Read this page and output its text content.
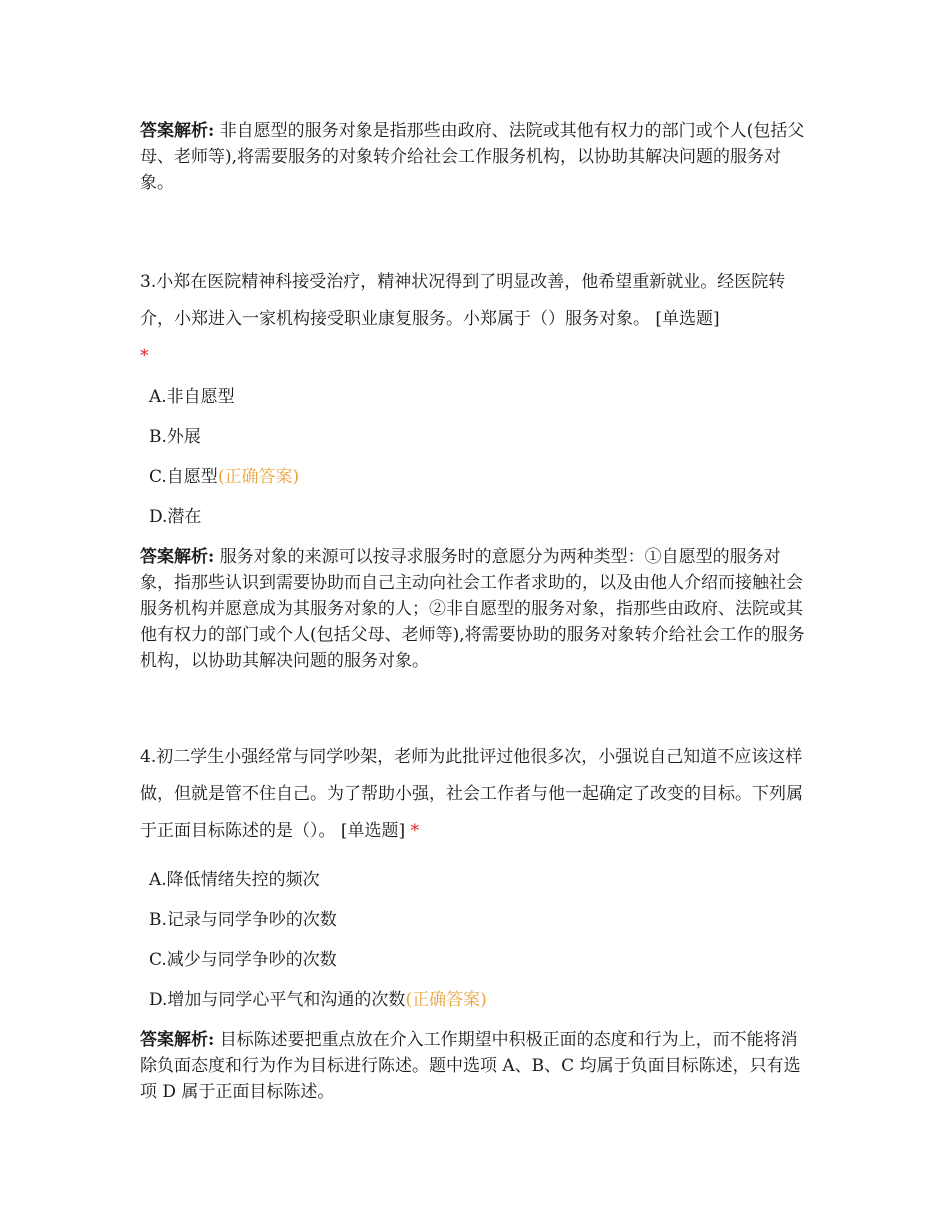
答案解析: 非自愿型的服务对象是指那些由政府、法院或其他有权力的部门或个人(包括父母、老师等),将需要服务的对象转介给社会工作服务机构，以协助其解决问题的服务对象。

3.小郑在医院精神科接受治疗，精神状况得到了明显改善，他希望重新就业。经医院转介，小郑进入一家机构接受职业康复服务。小郑属于（）服务对象。 [单选题]
*

A.非自愿型
B.外展
C.自愿型(正确答案)
D.潜在

答案解析: 服务对象的来源可以按寻求服务时的意愿分为两种类型：①自愿型的服务对象，指那些认识到需要协助而自己主动向社会工作者求助的，以及由他人介绍而接触社会服务机构并愿意成为其服务对象的人；②非自愿型的服务对象，指那些由政府、法院或其他有权力的部门或个人(包括父母、老师等),将需要协助的服务对象转介给社会工作的服务机构，以协助其解决问题的服务对象。

4.初二学生小强经常与同学吵架，老师为此批评过他很多次，小强说自己知道不应该这样做，但就是管不住自己。为了帮助小强，社会工作者与他一起确定了改变的目标。下列属于正面目标陈述的是（）。 [单选题] *

A.降低情绪失控的频次
B.记录与同学争吵的次数
C.减少与同学争吵的次数
D.增加与同学心平气和沟通的次数(正确答案)

答案解析: 目标陈述要把重点放在介入工作期望中积极正面的态度和行为上，而不能将消除负面态度和行为作为目标进行陈述。题中选项 A、B、C 均属于负面目标陈述，只有选项 D 属于正面目标陈述。
